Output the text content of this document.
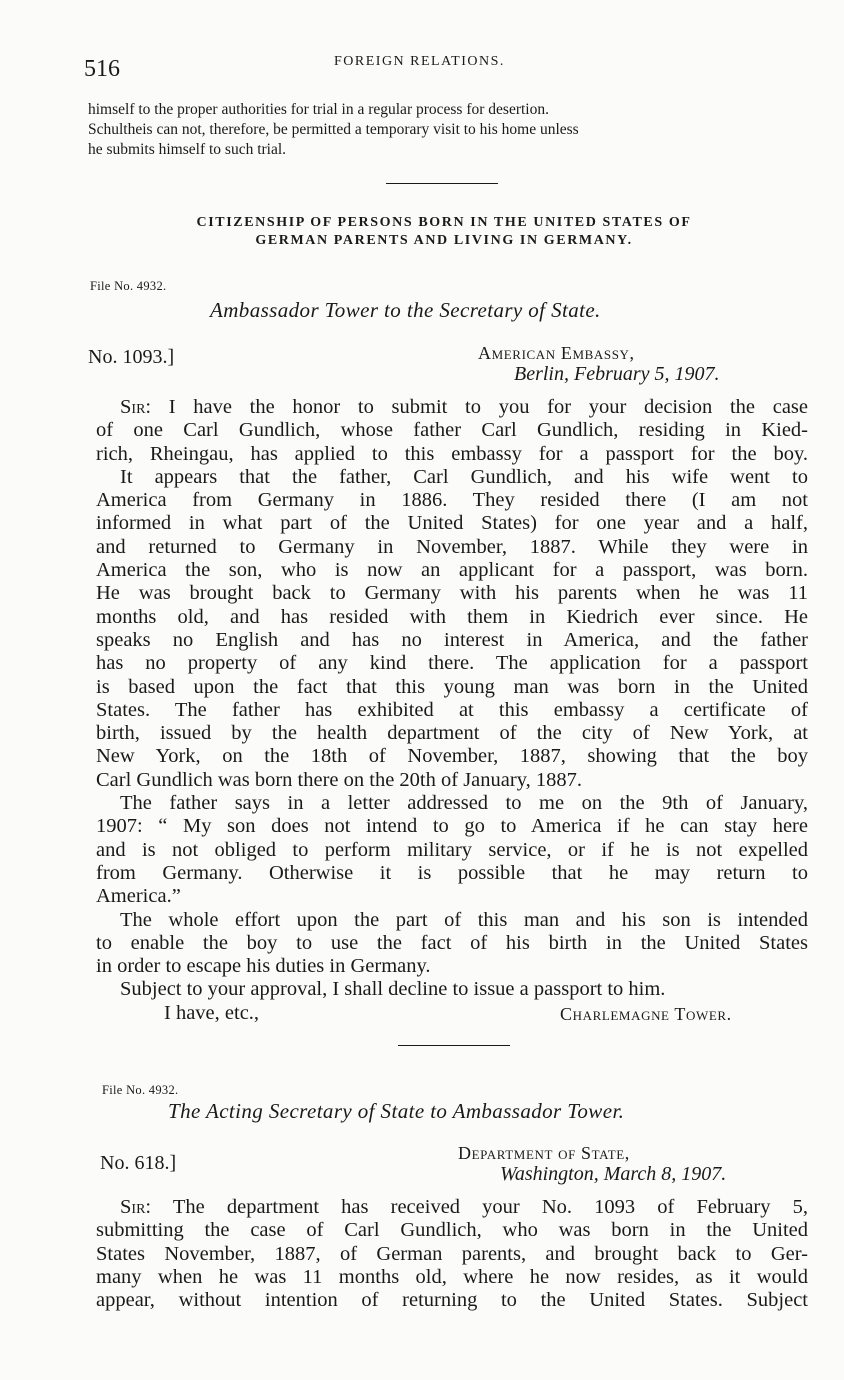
516	FOREIGN RELATIONS.
himself to the proper authorities for trial in a regular process for desertion.
Schultheis can not, therefore, be permitted a temporary visit to his home unless
he submits himself to such trial.
CITIZENSHIP OF PERSONS BORN IN THE UNITED STATES OF
GERMAN PARENTS AND LIVING IN GERMANY.
File No. 4932.
Ambassador Tower to the Secretary of State.
No. 1093.]	American Embassy,
Berlin, February 5, 1907.
Sir: I have the honor to submit to you for your decision the case
of one Carl Gundlich, whose father Carl Gundlich, residing in Kied-
rich, Rheingau, has applied to this embassy for a passport for the boy.
It appears that the father, Carl Gundlich, and his wife went to
America from Germany in 1886. They resided there (I am not
informed in what part of the United States) for one year and a half,
and returned to Germany in November, 1887. While they were in
America the son, who is now an applicant for a passport, was born.
He was brought back to Germany with his parents when he was 11
months old, and has resided with them in Kiedrich ever since. He
speaks no English and has no interest in America, and the father
has no property of any kind there. The application for a passport
is based upon the fact that this young man was born in the United
States. The father has exhibited at this embassy a certificate of
birth, issued by the health department of the city of New York, at
New York, on the 18th of November, 1887, showing that the boy
Carl Gundlich was born there on the 20th of January, 1887.
The father says in a letter addressed to me on the 9th of January,
1907: “ My son does not intend to go to America if he can stay here
and is not obliged to perform military service, or if he is not expelled
from Germany. Otherwise it is possible that he may return to
America.”
The whole effort upon the part of this man and his son is intended
to enable the boy to use the fact of his birth in the United States
in order to escape his duties in Germany.
Subject to your approval, I shall decline to issue a passport to him.
I have, etc.,	Charlemagne Tower.
File No. 4932.
The Acting Secretary of State to Ambassador Tower.
No. 618.]	Department of State,
Washington, March 8, 1907.
Sir: The department has received your No. 1093 of February 5,
submitting the case of Carl Gundlich, who was born in the United
States November, 1887, of German parents, and brought back to Ger-
many when he was 11 months old, where he now resides, as it would
appear, without intention of returning to the United States. Subject
